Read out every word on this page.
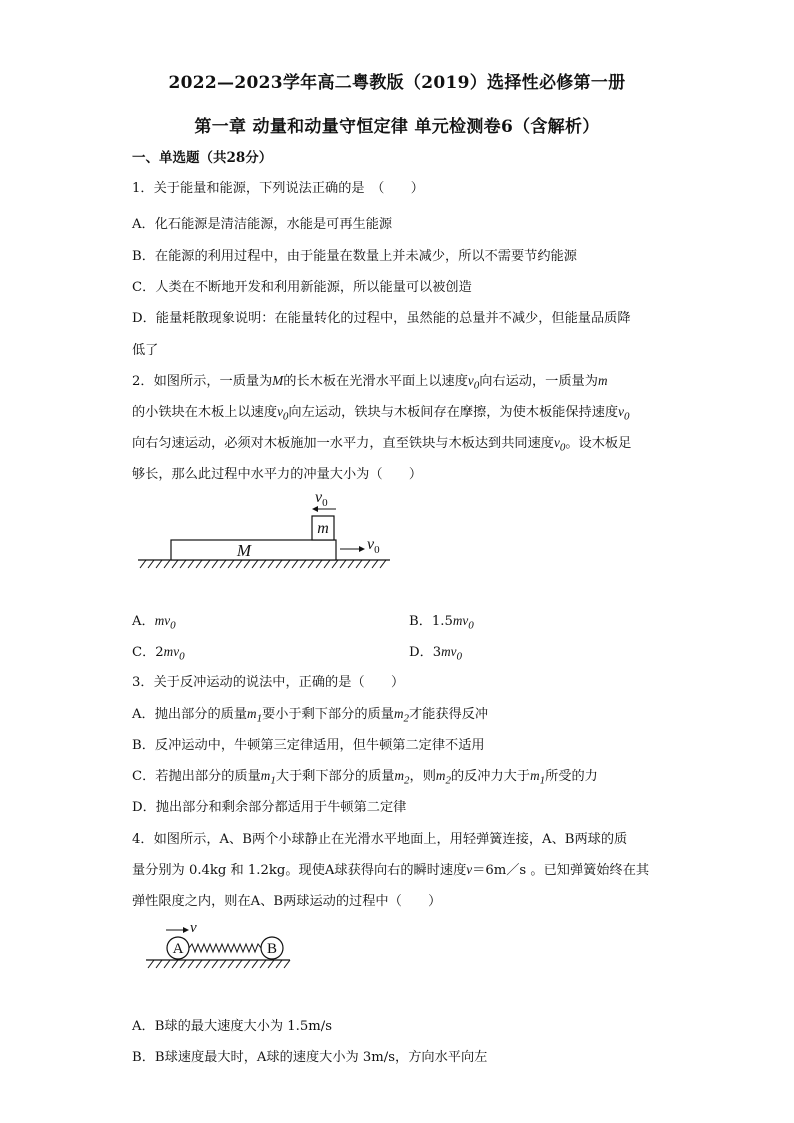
2022—2023学年高二粤教版（2019）选择性必修第一册
第一章 动量和动量守恒定律 单元检测卷6（含解析）
一、单选题（共28分）
1．关于能量和能源，下列说法正确的是　（　　）
A．化石能源是清洁能源，水能是可再生能源
B．在能源的利用过程中，由于能量在数量上并未减少，所以不需要节约能源
C．人类在不断地开发和利用新能源，所以能量可以被创造
D．能量耗散现象说明：在能量转化的过程中，虽然能的总量并不减少，但能量品质降
低了
2．如图所示，一质量为M的长木板在光滑水平面上以速度$v_0$向右运动，一质量为m
的小铁块在木板上以速度$v_0$向左运动，铁块与木板间存在摩擦，为使木板能保持速度$v_0$
向右匀速运动，必须对木板施加一水平力，直至铁块与木板达到共同速度$v_0$。设木板足
够长，那么此过程中水平力的冲量大小为（　　）
M
m
$v_0$
$v_0$
A．$mv_0$	B．$1.5mv_0$
C．$2mv_0$	D．$3mv_0$
3．关于反冲运动的说法中，正确的是（　　）
A．抛出部分的质量$m_1$要小于剩下部分的质量$m_2$才能获得反冲
B．反冲运动中，牛顿第三定律适用，但牛顿第二定律不适用
C．若抛出部分的质量$m_1$大于剩下部分的质量$m_2$，则$m_2$的反冲力大于$m_1$所受的力
D．抛出部分和剩余部分都适用于牛顿第二定律
4．如图所示，A、B两个小球静止在光滑水平地面上，用轻弹簧连接，A、B两球的质
量分别为 0.4kg 和 1.2kg。现使A球获得向右的瞬时速度v＝6m／s 。已知弹簧始终在其
弹性限度之内，则在A、B两球运动的过程中（　　）
v
A	B
A．B球的最大速度大小为 1.5m/s
B．B球速度最大时，A球的速度大小为 3m/s，方向水平向左
